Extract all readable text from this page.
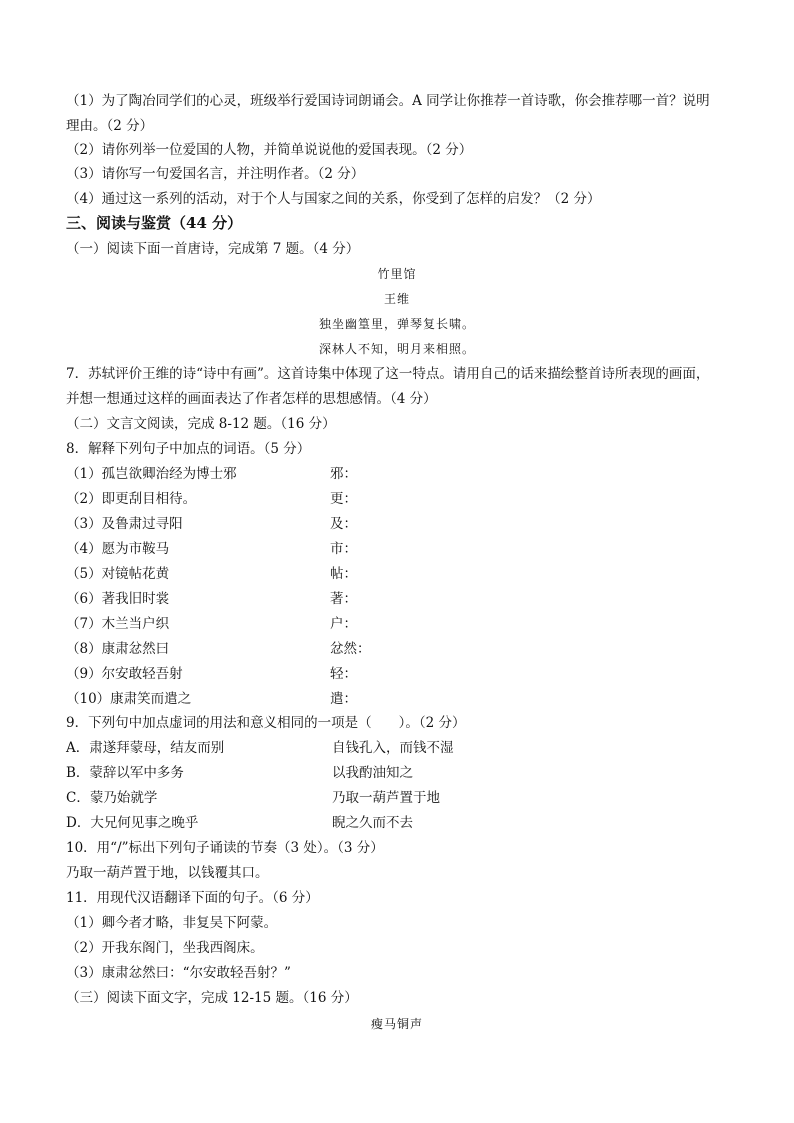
（1）为了陶冶同学们的心灵，班级举行爱国诗词朗诵会。A 同学让你推荐一首诗歌，你会推荐哪一首？说明
理由。（2 分）
（2）请你列举一位爱国的人物，并简单说说他的爱国表现。（2 分）
（3）请你写一句爱国名言，并注明作者。（2 分）
（4）通过这一系列的活动，对于个人与国家之间的关系，你受到了怎样的启发？（2 分）
三、阅读与鉴赏（44 分）
（一）阅读下面一首唐诗，完成第 7 题。（4 分）
竹里馆
王维
独坐幽篁里，弹琴复长啸。
深林人不知，明月来相照。
7．苏轼评价王维的诗“诗中有画”。这首诗集中体现了这一特点。请用自己的话来描绘整首诗所表现的画面，
并想一想通过这样的画面表达了作者怎样的思想感情。（4 分）
（二）文言文阅读，完成 8-12 题。（16 分）
8．解释下列句子中加点的词语。（5 分）
（1）孤岂欲卿治经为博士邪	邪：
（2）即更刮目相待。	更：
（3）及鲁肃过寻阳	及：
（4）愿为市鞍马	市：
（5）对镜帖花黄	帖：
（6）著我旧时裳	著：
（7）木兰当户织	户：
（8）康肃忿然曰	忿然：
（9）尔安敢轻吾射	轻：
（10）康肃笑而遣之	遣：
9．下列句中加点虚词的用法和意义相同的一项是（　　）。（2 分）
A．肃遂拜蒙母，结友而别	自钱孔入，而钱不湿
B．蒙辞以军中多务	以我酌油知之
C．蒙乃始就学	乃取一葫芦置于地
D．大兄何见事之晚乎	睨之久而不去
10．用“/”标出下列句子诵读的节奏（3 处）。（3 分）
乃取一葫芦置于地，以钱覆其口。
11．用现代汉语翻译下面的句子。（6 分）
（1）卿今者才略，非复吴下阿蒙。
（2）开我东阁门，坐我西阁床。
（3）康肃忿然曰：“尔安敢轻吾射？”
（三）阅读下面文字，完成 12-15 题。（16 分）
瘦马铜声
